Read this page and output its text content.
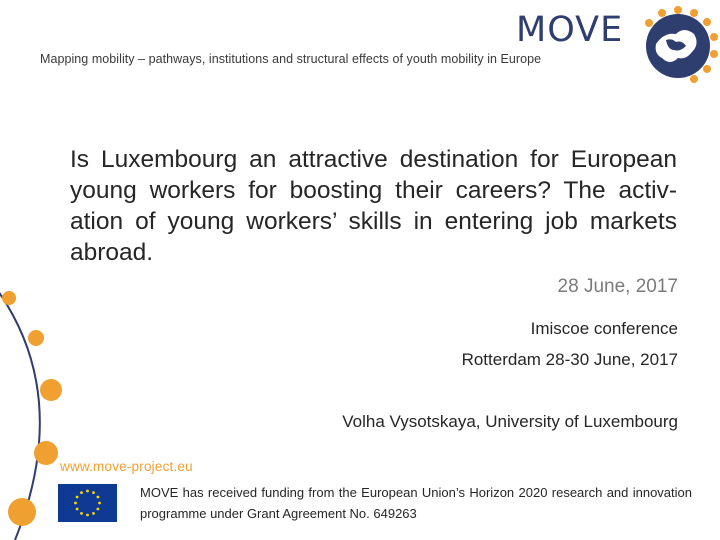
Mapping mobility – pathways, institutions and structural effects of youth mobility in Europe
MOVE
Is Luxembourg an attractive destination for European young workers for boosting their careers? The activ-ation of young workers’ skills in entering job markets abroad.
28 June, 2017
Imiscoe conference
Rotterdam 28-30 June, 2017
Volha Vysotskaya, University of Luxembourg
www.move-project.eu
MOVE has received funding from the European Union’s Horizon 2020 research and innovation programme under Grant Agreement No. 649263
